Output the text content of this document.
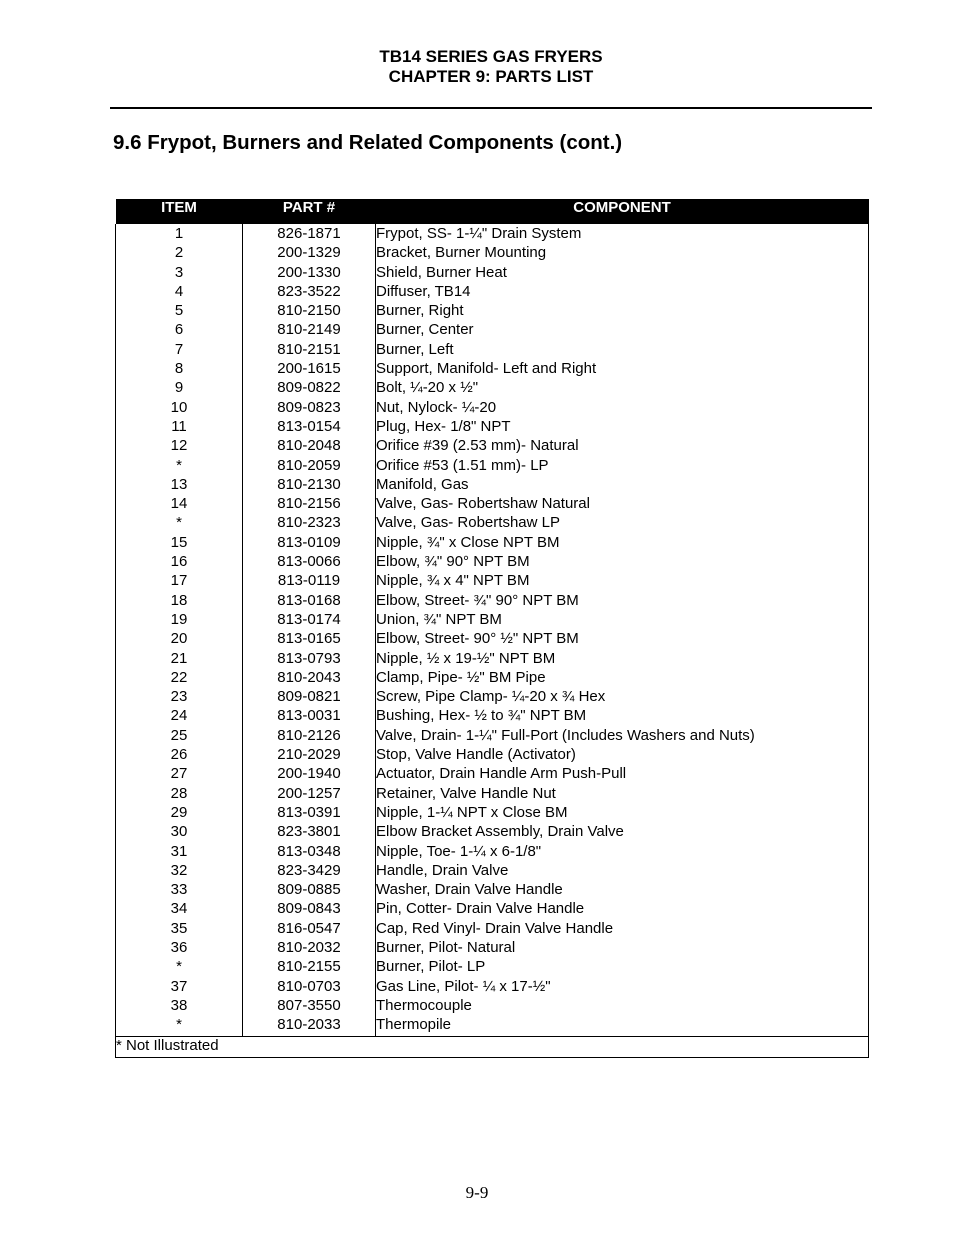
TB14 SERIES GAS FRYERS
CHAPTER 9: PARTS LIST
9.6 Frypot, Burners and Related Components (cont.)
ITEM	PART #	COMPONENT
1	826-1871	Frypot, SS- 1-¼" Drain System
2	200-1329	Bracket, Burner Mounting
3	200-1330	Shield, Burner Heat
4	823-3522	Diffuser, TB14
5	810-2150	Burner, Right
6	810-2149	Burner, Center
7	810-2151	Burner, Left
8	200-1615	Support, Manifold- Left and Right
9	809-0822	Bolt, ¼-20 x ½"
10	809-0823	Nut, Nylock- ¼-20
11	813-0154	Plug, Hex- 1/8" NPT
12	810-2048	Orifice #39 (2.53 mm)- Natural
*	810-2059	Orifice #53 (1.51 mm)- LP
13	810-2130	Manifold, Gas
14	810-2156	Valve, Gas- Robertshaw Natural
*	810-2323	Valve, Gas- Robertshaw LP
15	813-0109	Nipple, ¾" x Close NPT BM
16	813-0066	Elbow, ¾" 90° NPT BM
17	813-0119	Nipple, ¾ x 4" NPT BM
18	813-0168	Elbow, Street- ¾" 90° NPT BM
19	813-0174	Union, ¾" NPT BM
20	813-0165	Elbow, Street- 90° ½" NPT BM
21	813-0793	Nipple, ½ x 19-½" NPT BM
22	810-2043	Clamp, Pipe- ½" BM Pipe
23	809-0821	Screw, Pipe Clamp- ¼-20 x ¾ Hex
24	813-0031	Bushing, Hex- ½ to ¾" NPT BM
25	810-2126	Valve, Drain- 1-¼" Full-Port (Includes Washers and Nuts)
26	210-2029	Stop, Valve Handle (Activator)
27	200-1940	Actuator, Drain Handle Arm Push-Pull
28	200-1257	Retainer, Valve Handle Nut
29	813-0391	Nipple, 1-¼ NPT x Close BM
30	823-3801	Elbow Bracket Assembly, Drain Valve
31	813-0348	Nipple, Toe- 1-¼ x 6-1/8"
32	823-3429	Handle, Drain Valve
33	809-0885	Washer, Drain Valve Handle
34	809-0843	Pin, Cotter- Drain Valve Handle
35	816-0547	Cap, Red Vinyl- Drain Valve Handle
36	810-2032	Burner, Pilot- Natural
*	810-2155	Burner, Pilot- LP
37	810-0703	Gas Line, Pilot- ¼ x 17-½"
38	807-3550	Thermocouple
*	810-2033	Thermopile
* Not Illustrated		
9-9
